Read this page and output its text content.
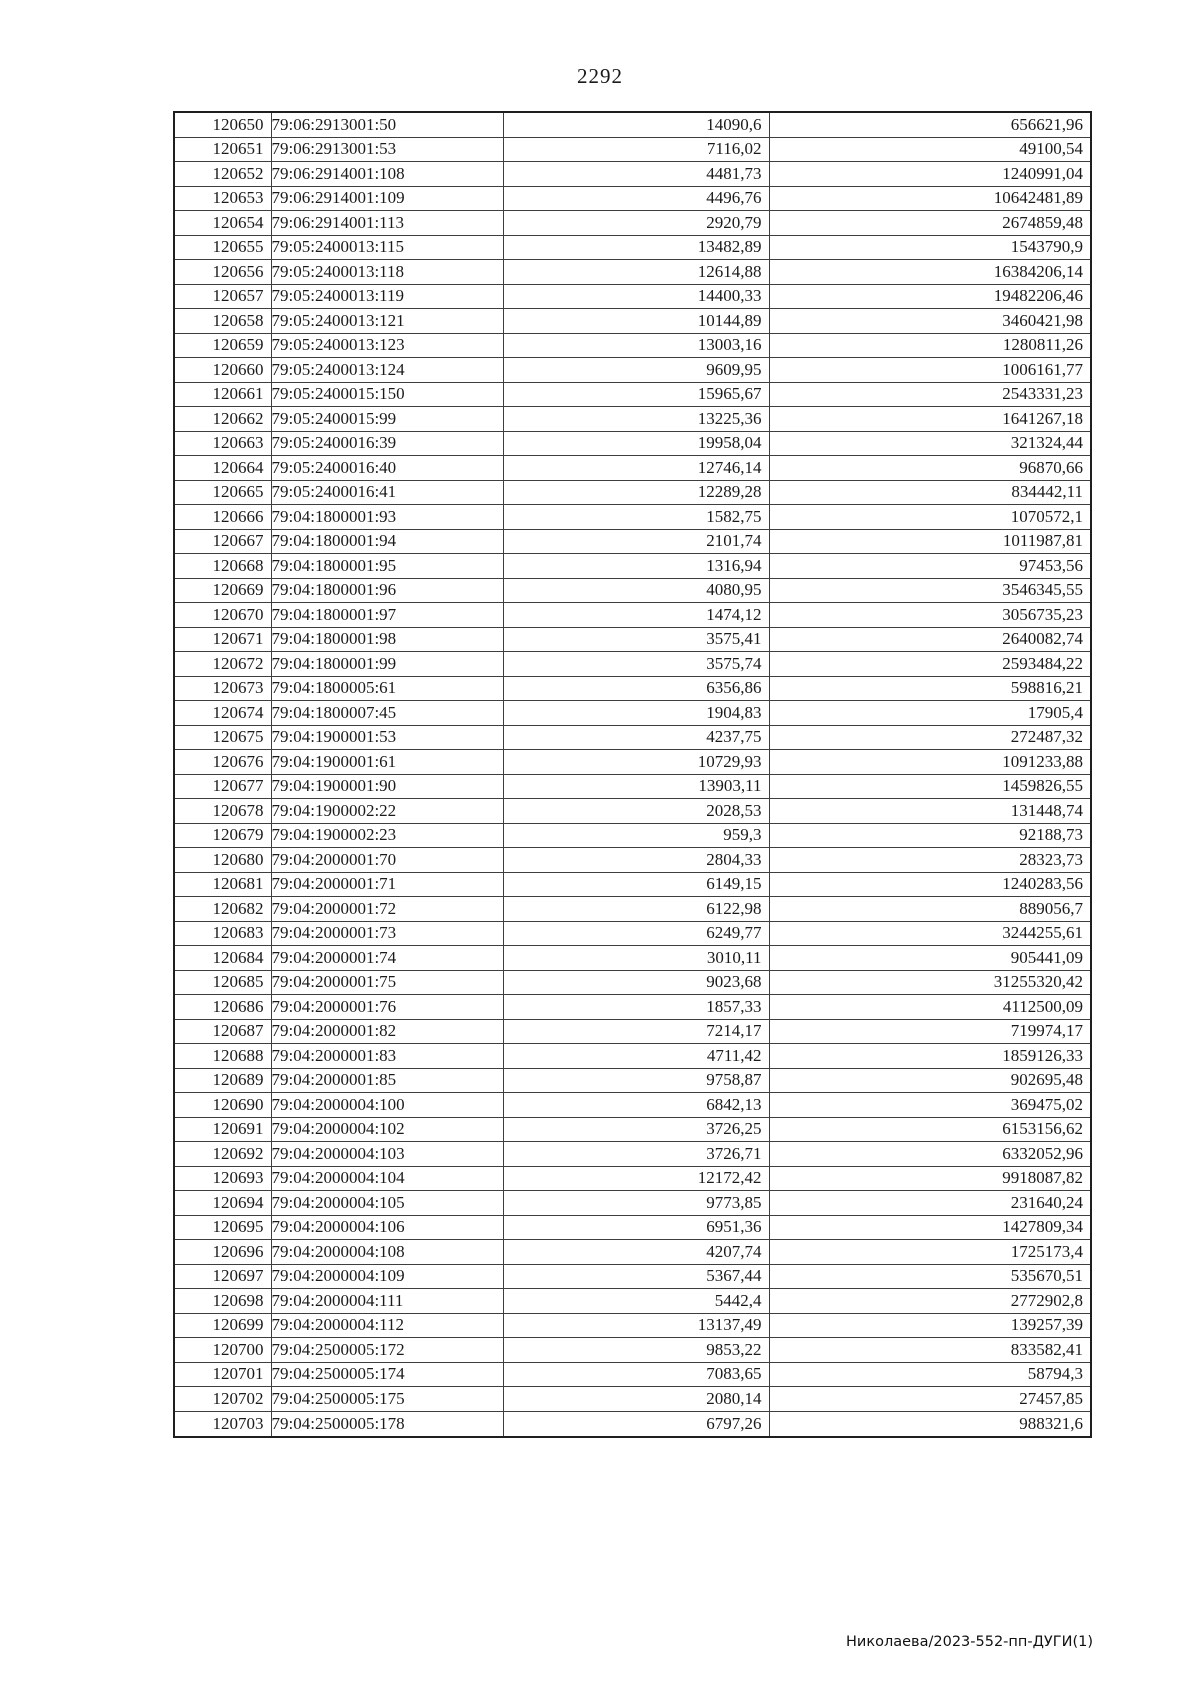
2292
120650	79:06:2913001:50	14090,6	656621,96
120651	79:06:2913001:53	7116,02	49100,54
120652	79:06:2914001:108	4481,73	1240991,04
120653	79:06:2914001:109	4496,76	10642481,89
120654	79:06:2914001:113	2920,79	2674859,48
120655	79:05:2400013:115	13482,89	1543790,9
120656	79:05:2400013:118	12614,88	16384206,14
120657	79:05:2400013:119	14400,33	19482206,46
120658	79:05:2400013:121	10144,89	3460421,98
120659	79:05:2400013:123	13003,16	1280811,26
120660	79:05:2400013:124	9609,95	1006161,77
120661	79:05:2400015:150	15965,67	2543331,23
120662	79:05:2400015:99	13225,36	1641267,18
120663	79:05:2400016:39	19958,04	321324,44
120664	79:05:2400016:40	12746,14	96870,66
120665	79:05:2400016:41	12289,28	834442,11
120666	79:04:1800001:93	1582,75	1070572,1
120667	79:04:1800001:94	2101,74	1011987,81
120668	79:04:1800001:95	1316,94	97453,56
120669	79:04:1800001:96	4080,95	3546345,55
120670	79:04:1800001:97	1474,12	3056735,23
120671	79:04:1800001:98	3575,41	2640082,74
120672	79:04:1800001:99	3575,74	2593484,22
120673	79:04:1800005:61	6356,86	598816,21
120674	79:04:1800007:45	1904,83	17905,4
120675	79:04:1900001:53	4237,75	272487,32
120676	79:04:1900001:61	10729,93	1091233,88
120677	79:04:1900001:90	13903,11	1459826,55
120678	79:04:1900002:22	2028,53	131448,74
120679	79:04:1900002:23	959,3	92188,73
120680	79:04:2000001:70	2804,33	28323,73
120681	79:04:2000001:71	6149,15	1240283,56
120682	79:04:2000001:72	6122,98	889056,7
120683	79:04:2000001:73	6249,77	3244255,61
120684	79:04:2000001:74	3010,11	905441,09
120685	79:04:2000001:75	9023,68	31255320,42
120686	79:04:2000001:76	1857,33	4112500,09
120687	79:04:2000001:82	7214,17	719974,17
120688	79:04:2000001:83	4711,42	1859126,33
120689	79:04:2000001:85	9758,87	902695,48
120690	79:04:2000004:100	6842,13	369475,02
120691	79:04:2000004:102	3726,25	6153156,62
120692	79:04:2000004:103	3726,71	6332052,96
120693	79:04:2000004:104	12172,42	9918087,82
120694	79:04:2000004:105	9773,85	231640,24
120695	79:04:2000004:106	6951,36	1427809,34
120696	79:04:2000004:108	4207,74	1725173,4
120697	79:04:2000004:109	5367,44	535670,51
120698	79:04:2000004:111	5442,4	2772902,8
120699	79:04:2000004:112	13137,49	139257,39
120700	79:04:2500005:172	9853,22	833582,41
120701	79:04:2500005:174	7083,65	58794,3
120702	79:04:2500005:175	2080,14	27457,85
120703	79:04:2500005:178	6797,26	988321,6
Николаева/2023-552-пп-ДУГИ(1)
